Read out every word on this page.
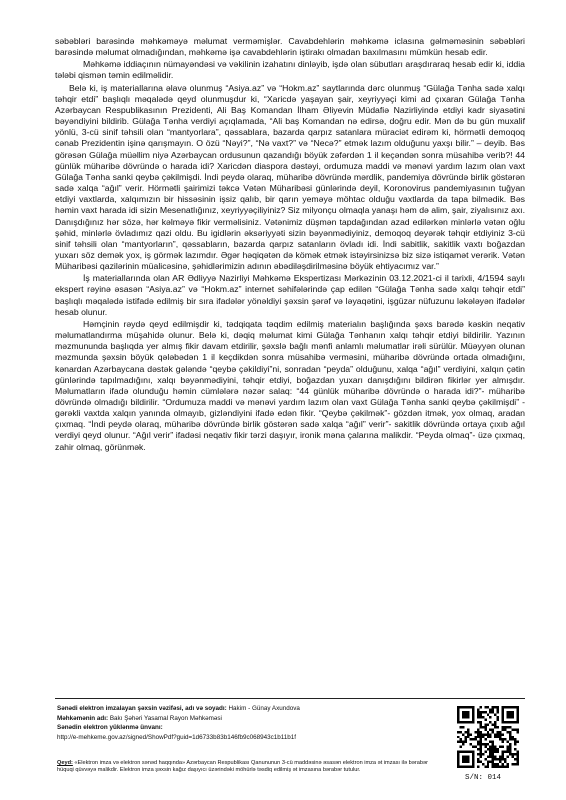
səbəbləri barəsində məhkəməyə məlumat verməmişlər. Cavabdehlərin məhkəmə iclasına gəlməməsinin səbəbləri barəsində məlumat olmadığından, məhkəmə işə cavabdehlərin iştirakı olmadan baxılmasını mümkün hesab edir.

Məhkəmə iddiaçının nümayəndəsi və vəkilinin izahatını dinləyib, işdə olan sübutları araşdıraraq hesab edir ki, iddia tələbi qismən təmin edilməlidir.

Belə ki, iş materiallarına əlavə olunmuş “Asiya.az” və “Hokm.az” saytlarında dərc olunmuş “Gülağa Tənha sadə xalqı təhqir etdi” başlıqlı məqalədə qeyd olunmuşdur ki, “Xaricdə yaşayan şair, xeyriyyəçi kimi ad çıxaran Gülağa Tənha Azərbaycan Respublikasının Prezidenti, Ali Baş Komandan İlham Əliyevin Müdafiə Nazirliyində etdiyi kadr siyasətini bəyəndiyini bildirib. Gülağa Tənha verdiyi açıqlamada, “Ali baş Komandan nə edirsə, doğru edir. Mən də bu gün muxalif yönlü, 3-cü sinif təhsili olan “mantyorlara”, qəssablara, bazarda qarpız satanlara müraciət edirəm ki, hörmətli demoqoq cənab Prezidentin işinə qarışmayın. O özü “Nəyi?”, “Nə vaxt?” və “Necə?” etmək lazım olduğunu yaxşı bilir.” – deyib. Bəs görəsən Gülağa müəllim niyə Azərbaycan ordusunun qazandığı böyük zəfərdən 1 il keçəndən sonra müsahibə verib?! 44 günlük müharibə dövründə o harada idi? Xaricdən diaspora dəstəyi, ordumuza maddi və mənəvi yardım lazım olan vaxt Gülağa Tənha sanki qeybə çəkilmişdi. İndi peydə olaraq, müharibə dövründə mərdlik, pandemiya dövründə birlik göstərən sadə xalqa “ağıl” verir. Hörmətli şairimizi təkcə Vətən Müharibəsi günlərində deyil, Koronovirus pandemiyasının tuğyan etdiyi vaxtlarda, xalqımızın bir hissəsinin işsiz qalıb, bir qarın yeməyə möhtac olduğu vaxtlarda da tapa bilmədik. Bəs həmin vaxt harada idi sizin Mesenatlığınız, xeyriyyəçiliyiniz? Siz milyonçu olmaqla yanaşı həm də alim, şair, ziyalısınız axı. Danışdığınız hər sözə, hər kəlməyə fikir verməlisiniz. Vətənimiz düşmən tapdağından azad edilərkən minlərlə vətən oğlu şəhid, minlərlə övladımız qazi oldu. Bu igidlərin əksəriyyəti sizin bəyənmədiyiniz, demoqoq deyərək təhqir etdiyiniz 3-cü sinif təhsili olan “mantyorların”, qəssabların, bazarda qarpız satanların övladı idi. İndi sabitlik, sakitlik vaxtı boğazdan yuxarı söz demək yox, iş görmək lazımdır. Əgər həqiqətən də kömək etmək istəyirsinizsə biz sizə istiqamət verərik. Vətən Müharibəsi qazilərinin müalicəsinə, şəhidlərimizin adının əbədiləşdirilməsinə böyük ehtiyacımız var.”

İş materiallarında olan AR Ədliyyə Nazirliyi Məhkəmə Ekspertizası Mərkəzinin 03.12.2021-ci il tarixli, 4/1594 saylı ekspert rəyinə əsasən “Asiya.az” və “Hokm.az” internet səhifələrində çap edilən “Gülağa Tənha sadə xalqı təhqir etdi” başlıqlı məqalədə istifadə edilmiş bir sıra ifadələr yönəldiyi şəxsin şərəf və ləyaqətini, işgüzar nüfuzunu ləkələyən ifadələr hesab olunur.

Həmçinin rəydə qeyd edilmişdir ki, tədqiqata təqdim edilmiş materialın başlığında şəxs barədə kəskin neqativ məlumatlandırma müşahidə olunur. Belə ki, dəqiq məlumat kimi Gülağa Tənhanın xalqı təhqir etdiyi bildirilir. Yazının məzmununda başlıqda yer almış fikir davam etdirilir, şəxslə bağlı mənfi anlamlı məlumatlar irəli sürülür. Müəyyən olunan məzmunda şəxsin böyük qələbədən 1 il keçdikdən sonra müsahibə verməsini, müharibə dövründə ortada olmadığını, kənardan Azərbaycana dəstək gələndə “qeybə çəkildiyi”ni, sonradan “peyda” olduğunu, xalqa “ağıl” verdiyini, xalqın çətin günlərində tapılmadığını, xalqı bəyənmədiyini, təhqir etdiyi, boğazdan yuxarı danışdığını bildirən fikirlər yer almışdır. Məlumatların ifadə olunduğu həmin cümlələrə nəzər salaq: “44 günlük müharibə dövründə o harada idi?”- müharibə dövründə olmadığı bildirilir. “Ordumuza maddi və mənəvi yardım lazım olan vaxt Gülağa Tənha sanki qeybə çəkilmişdi” - gərəkli vaxtda xalqın yanında olmayıb, gizləndiyini ifadə edən fikir. “Qeybə çəkilmək”- gözdən itmək, yox olmaq, aradan çıxmaq. “İndi peydə olaraq, müharibə dövründə birlik göstərən sadə xalqa “ağıl” verir”- sakitlik dövründə ortaya çıxıb ağıl verdiyi qeyd olunur. “Ağıl verir” ifadəsi neqativ fikir tərzi daşıyır, ironik məna çalarına malikdir. “Peyda olmaq”- üzə çıxmaq, zahir olmaq, görünmək.

Sənədi elektron imzalayan şəxsin vəzifəsi, adı və soyadı: Hakim - Günay Axundova
Məhkəmənin adı: Bakı Şəhəri Yasamal Rayon Məhkəməsi
Sənədin elektron yüklənmə ünvanı:
http://e-mehkeme.gov.az/signed/ShowPdf?guid=1d6733b83b146fb9c068943c1b11b1f
Qeyd: «Elektron imza və elektron sənəd haqqında» Azərbaycan Respublikası Qanununun 3-cü maddəsinə əsasən elektron imza ət imzası ilə bərabər hüquqi qüvvəyə malikdir. Elektron imza şəxsin kağız daşıyıcı üzərindəki möhürlə təsdiq edilmiş ət imzasına bərabər tutulur.
S/N: 014
